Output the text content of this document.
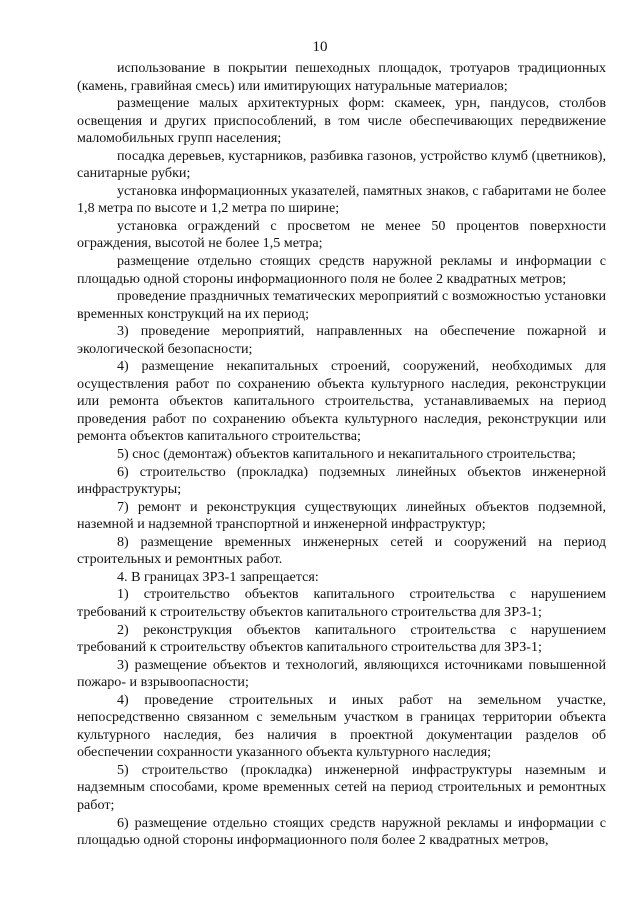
10

использование в покрытии пешеходных площадок, тротуаров традиционных (камень, гравийная смесь) или имитирующих натуральные материалов;

размещение малых архитектурных форм: скамеек, урн, пандусов, столбов освещения и других приспособлений, в том числе обеспечивающих передвижение маломобильных групп населения;

посадка деревьев, кустарников, разбивка газонов, устройство клумб (цветников), санитарные рубки;

установка информационных указателей, памятных знаков, с габаритами не более 1,8 метра по высоте и 1,2 метра по ширине;

установка ограждений с просветом не менее 50 процентов поверхности ограждения, высотой не более 1,5 метра;

размещение отдельно стоящих средств наружной рекламы и информации с площадью одной стороны информационного поля не более 2 квадратных метров;

проведение праздничных тематических мероприятий с возможностью установки временных конструкций на их период;

3) проведение мероприятий, направленных на обеспечение пожарной и экологической безопасности;

4) размещение некапитальных строений, сооружений, необходимых для осуществления работ по сохранению объекта культурного наследия, реконструкции или ремонта объектов капитального строительства, устанавливаемых на период проведения работ по сохранению объекта культурного наследия, реконструкции или ремонта объектов капитального строительства;

5) снос (демонтаж) объектов капитального и некапитального строительства;

6) строительство (прокладка) подземных линейных объектов инженерной инфраструктуры;

7) ремонт и реконструкция существующих линейных объектов подземной, наземной и надземной транспортной и инженерной инфраструктур;

8) размещение временных инженерных сетей и сооружений на период строительных и ремонтных работ.

4. В границах ЗРЗ-1 запрещается:

1) строительство объектов капитального строительства с нарушением требований к строительству объектов капитального строительства для ЗРЗ-1;

2) реконструкция объектов капитального строительства с нарушением требований к строительству объектов капитального строительства для ЗРЗ-1;

3) размещение объектов и технологий, являющихся источниками повышенной пожаро- и взрывоопасности;

4) проведение строительных и иных работ на земельном участке, непосредственно связанном с земельным участком в границах территории объекта культурного наследия, без наличия в проектной документации разделов об обеспечении сохранности указанного объекта культурного наследия;

5) строительство (прокладка) инженерной инфраструктуры наземным и надземным способами, кроме временных сетей на период строительных и ремонтных работ;

6) размещение отдельно стоящих средств наружной рекламы и информации с площадью одной стороны информационного поля более 2 квадратных метров,
